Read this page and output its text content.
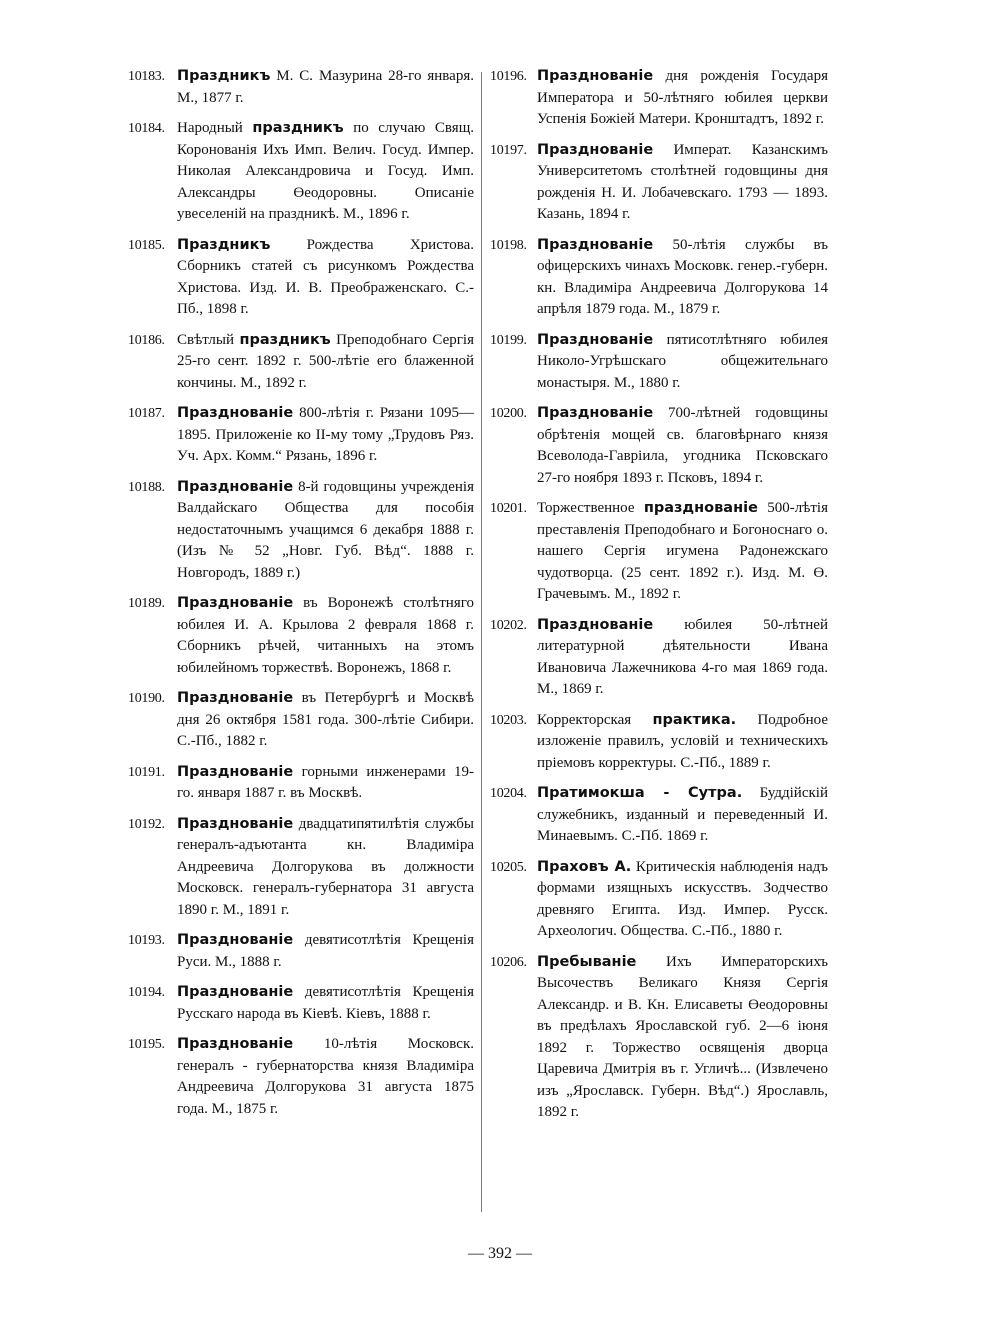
10183. Праздникъ М. С. Мазурина 28-го января. М., 1877 г.
10184. Народный праздникъ по случаю Свящ. Коронованія Ихъ Имп. Велич. Госуд. Импер. Николая Александровича и Госуд. Имп. Александры Өеодоровны. Описаніе увеселеній на праздникѣ. М., 1896 г.
10185. Праздникъ Рождества Христова. Сборникъ статей съ рисункомъ Рождества Христова. Изд. И. В. Преображенскаго. С.-Пб., 1898 г.
10186. Свѣтлый праздникъ Преподобнаго Сергія 25-го сент. 1892 г. 500-лѣтіе его блаженной кончины. М., 1892 г.
10187. Празднованіе 800-лѣтія г. Рязани 1095—1895. Приложеніе ко II-му тому „Трудовъ Ряз. Уч. Арх. Комм.“ Рязань, 1896 г.
10188. Празднованіе 8-й годовщины учрежденія Валдайскаго Общества для пособія недостаточнымъ учащимся 6 декабря 1888 г. (Изъ № 52 „Новг. Губ. Вѣд“. 1888 г. Новгородъ, 1889 г.)
10189. Празднованіе въ Воронежѣ столѣтняго юбилея И. А. Крылова 2 февраля 1868 г. Сборникъ рѣчей, читанныхъ на этомъ юбилейномъ торжествѣ. Воронежъ, 1868 г.
10190. Празднованіе въ Петербургѣ и Москвѣ дня 26 октября 1581 года. 300-лѣтіе Сибири. С.-Пб., 1882 г.
10191. Празднованіе горными инженерами 19-го. января 1887 г. въ Москвѣ.
10192. Празднованіе двадцатипятилѣтія службы генералъ-адъютанта кн. Владиміра Андреевича Долгорукова въ должности Московск. генералъ-губернатора 31 августа 1890 г. М., 1891 г.
10193. Празднованіе девятисотлѣтія Крещенія Руси. М., 1888 г.
10194. Празднованіе девятисотлѣтія Крещенія Русскаго народа въ Кіевѣ. Кіевъ, 1888 г.
10195. Празднованіе 10-лѣтія Московск. генералъ - губернаторства князя Владиміра Андреевича Долгорукова 31 августа 1875 года. М., 1875 г.
10196. Празднованіе дня рожденія Государя Императора и 50-лѣтняго юбилея церкви Успенія Божіей Матери. Кронштадтъ, 1892 г.
10197. Празднованіе Императ. Казанскимъ Университетомъ столѣтней годовщины дня рожденія Н. И. Лобачевскаго. 1793 — 1893. Казань, 1894 г.
10198. Празднованіе 50-лѣтія службы въ офицерскихъ чинахъ Московк. генер.-губерн. кн. Владиміра Андреевича Долгорукова 14 апрѣля 1879 года. М., 1879 г.
10199. Празднованіе пятисотлѣтняго юбилея Николо-Угрѣшскаго общежительнаго монастыря. М., 1880 г.
10200. Празднованіе 700-лѣтней годовщины обрѣтенія мощей св. благовѣрнаго князя Всеволода-Гавріила, угодника Псковскаго 27-го ноября 1893 г. Псковъ, 1894 г.
10201. Торжественное празднованіе 500-лѣтія преставленія Преподобнаго и Богоноснаго о. нашего Сергія игумена Радонежскаго чудотворца. (25 сент. 1892 г.). Изд. М. Ө. Грачевымъ. М., 1892 г.
10202. Празднованіе юбилея 50-лѣтней литературной дѣятельности Ивана Ивановича Лажечникова 4-го мая 1869 года. М., 1869 г.
10203. Корректорская практика. Подробное изложеніе правилъ, условій и техническихъ пріемовъ корректуры. С.-Пб., 1889 г.
10204. Пратимокша - Сутра. Буддійскій служебникъ, изданный и переведенный И. Минаевымъ. С.-Пб. 1869 г.
10205. Праховъ А. Критическія наблюденія надъ формами изящныхъ искусствъ. Зодчество древняго Египта. Изд. Импер. Русск. Археологич. Общества. С.-Пб., 1880 г.
10206. Пребываніе Ихъ Императорскихъ Высочествъ Великаго Князя Сергія Александр. и В. Кн. Елисаветы Өеодоровны въ предѣлахъ Ярославской губ. 2—6 іюня 1892 г. Торжество освященія дворца Царевича Дмитрія въ г. Угличѣ... (Извлечено изъ „Ярославск. Губерн. Вѣд“.) Ярославль, 1892 г.
— 392 —
